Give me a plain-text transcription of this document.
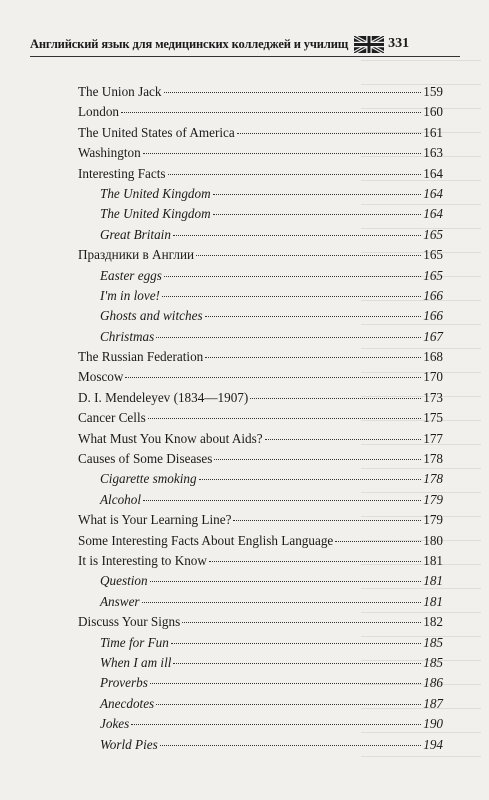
Английский язык для медицинских колледжей и училищ	331
The Union Jack	159
London	160
The United States of America	161
Washington	163
Interesting Facts	164
The United Kingdom	164
The United Kingdom	164
Great Britain	165
Праздники в Англии	165
Easter eggs	165
I'm in love!	166
Ghosts and witches	166
Christmas	167
The Russian Federation	168
Moscow	170
D. I. Mendeleyev (1834—1907)	173
Cancer Cells	175
What Must You Know about Aids?	177
Causes of Some Diseases	178
Cigarette smoking	178
Alcohol	179
What is Your Learning Line?	179
Some Interesting Facts About English Language	180
It is Interesting to Know	181
Question	181
Answer	181
Discuss Your Signs	182
Time for Fun	185
When I am ill	185
Proverbs	186
Anecdotes	187
Jokes	190
World Pies	194
